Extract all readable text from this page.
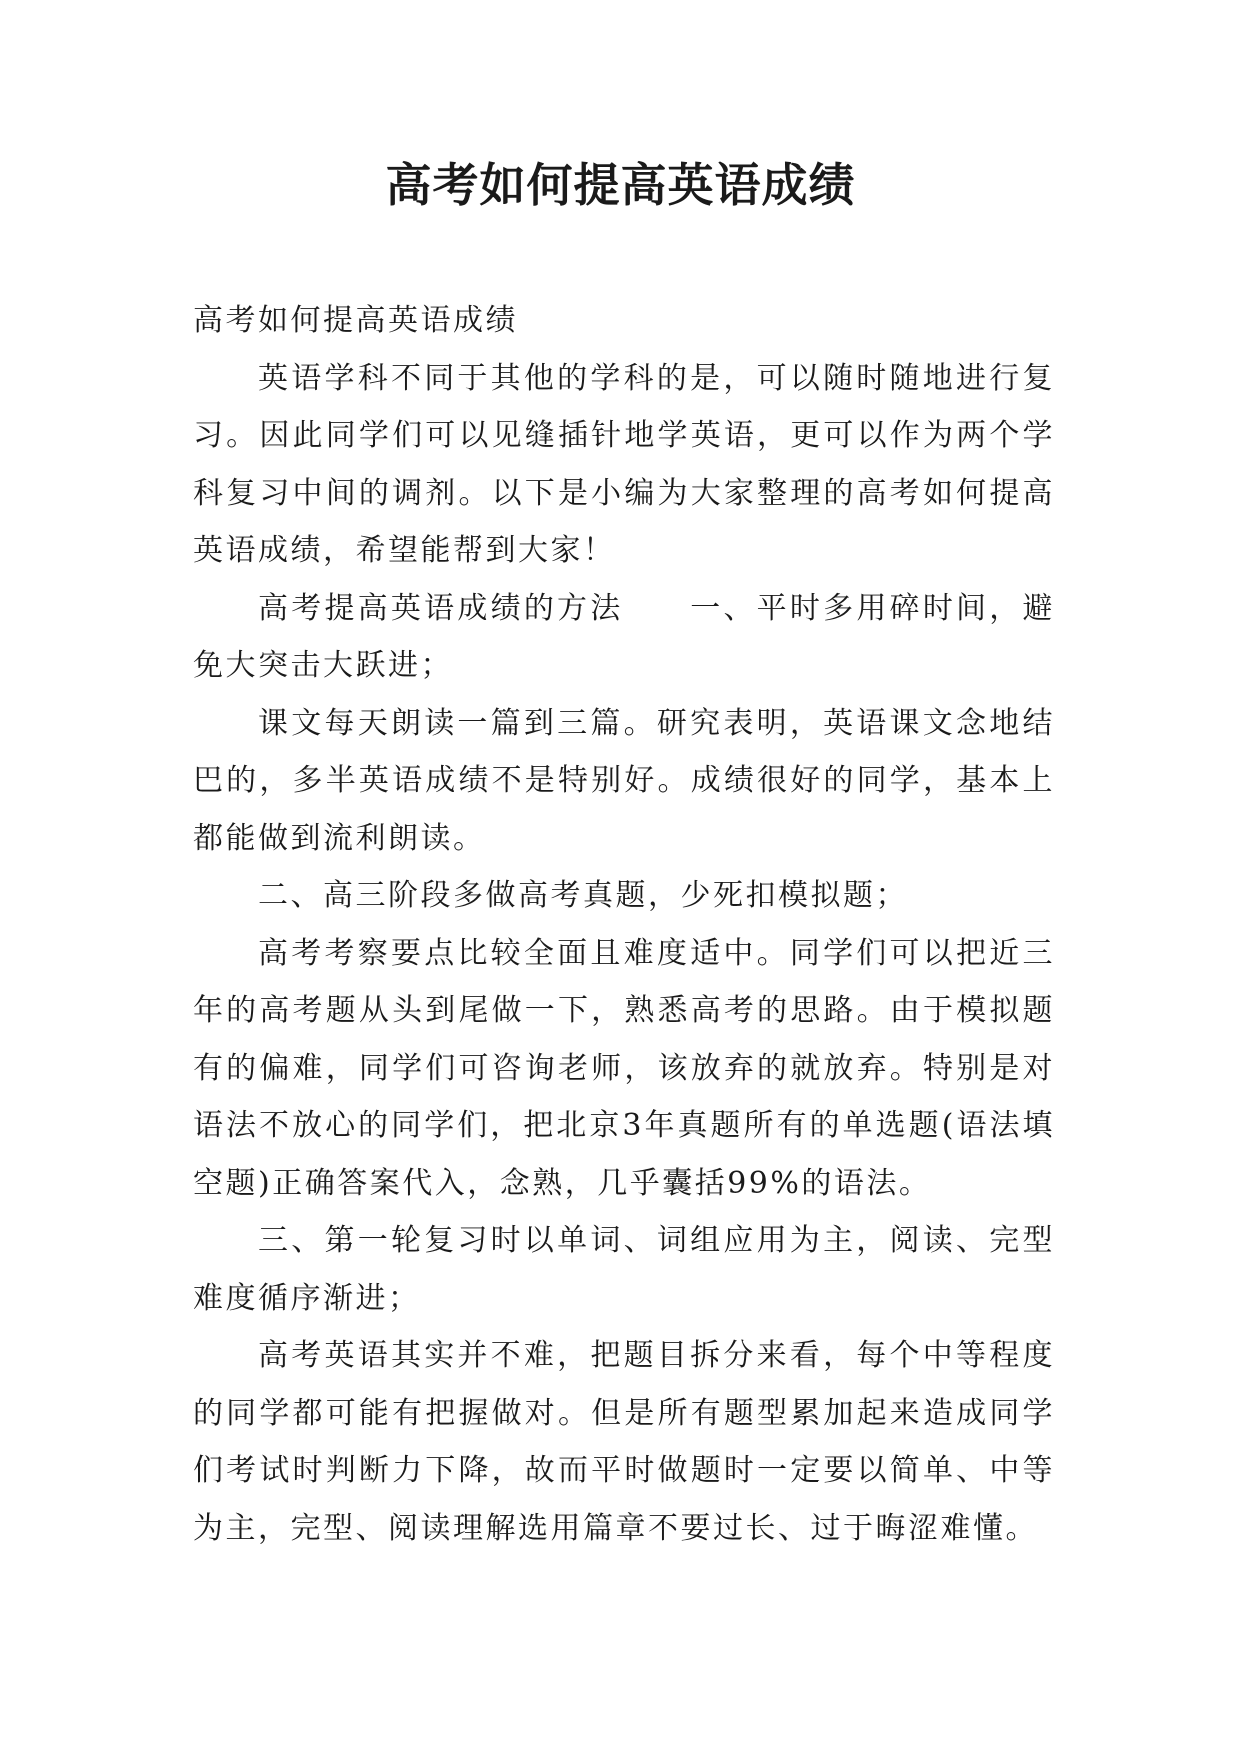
高考如何提高英语成绩

高考如何提高英语成绩

英语学科不同于其他的学科的是，可以随时随地进行复习。因此同学们可以见缝插针地学英语，更可以作为两个学科复习中间的调剂。以下是小编为大家整理的高考如何提高英语成绩，希望能帮到大家！

高考提高英语成绩的方法 一、平时多用碎时间，避免大突击大跃进；

课文每天朗读一篇到三篇。研究表明，英语课文念地结巴的，多半英语成绩不是特别好。成绩很好的同学，基本上都能做到流利朗读。

二、高三阶段多做高考真题，少死扣模拟题；

高考考察要点比较全面且难度适中。同学们可以把近三年的高考题从头到尾做一下，熟悉高考的思路。由于模拟题有的偏难，同学们可咨询老师，该放弃的就放弃。特别是对语法不放心的同学们，把北京3年真题所有的单选题(语法填空题)正确答案代入，念熟，几乎囊括99%的语法。

三、第一轮复习时以单词、词组应用为主，阅读、完型难度循序渐进；

高考英语其实并不难，把题目拆分来看，每个中等程度的同学都可能有把握做对。但是所有题型累加起来造成同学们考试时判断力下降，故而平时做题时一定要以简单、中等为主，完型、阅读理解选用篇章不要过长、过于晦涩难懂。
